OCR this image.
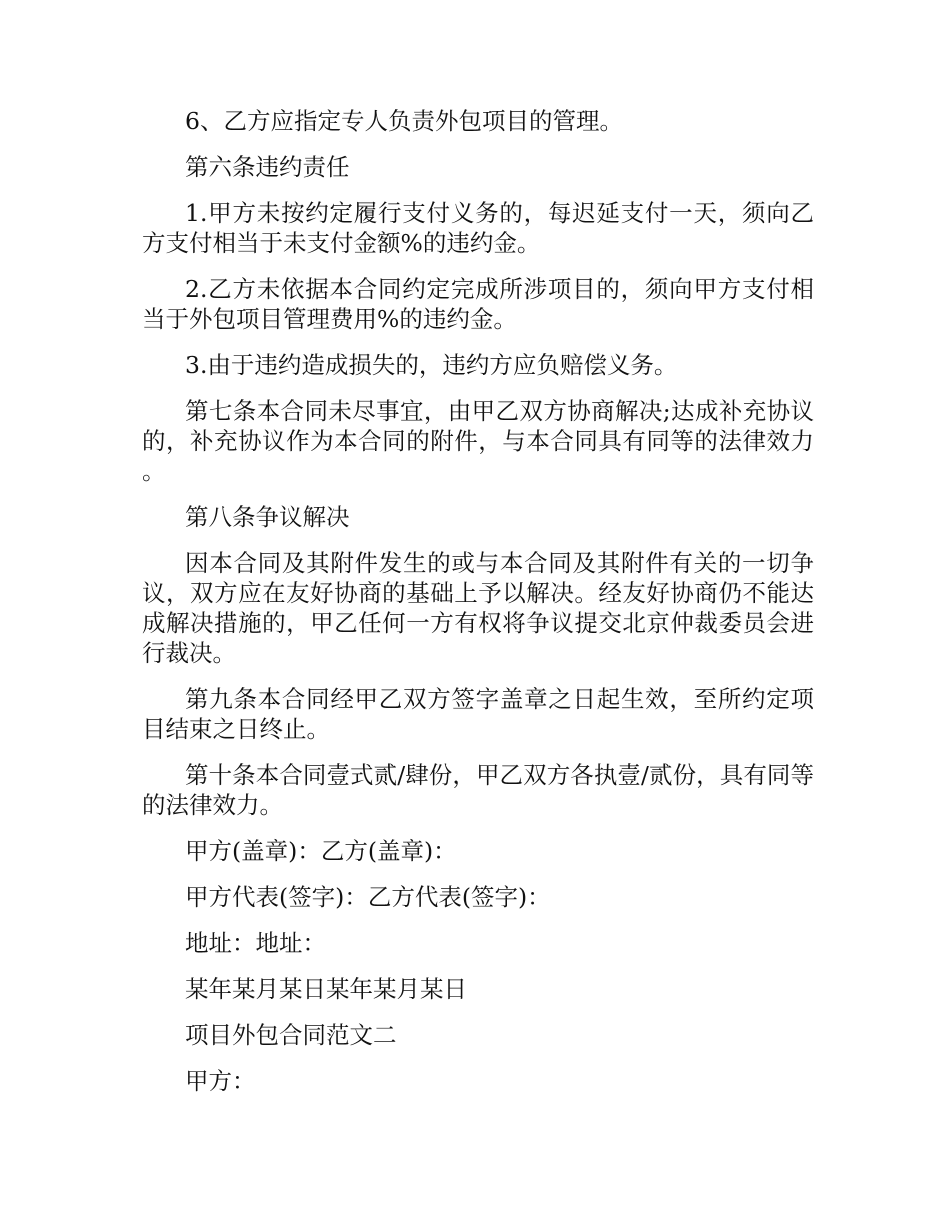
6、乙方应指定专人负责外包项目的管理。

第六条违约责任

1.甲方未按约定履行支付义务的，每迟延支付一天，须向乙方支付相当于未支付金额%的违约金。

2.乙方未依据本合同约定完成所涉项目的，须向甲方支付相当于外包项目管理费用%的违约金。

3.由于违约造成损失的，违约方应负赔偿义务。

第七条本合同未尽事宜，由甲乙双方协商解决;达成补充协议的，补充协议作为本合同的附件，与本合同具有同等的法律效力。

第八条争议解决

因本合同及其附件发生的或与本合同及其附件有关的一切争议，双方应在友好协商的基础上予以解决。经友好协商仍不能达成解决措施的，甲乙任何一方有权将争议提交北京仲裁委员会进行裁决。

第九条本合同经甲乙双方签字盖章之日起生效，至所约定项目结束之日终止。

第十条本合同壹式贰/肆份，甲乙双方各执壹/贰份，具有同等的法律效力。

甲方(盖章)：乙方(盖章)：

甲方代表(签字)：乙方代表(签字)：

地址：地址：

某年某月某日某年某月某日

项目外包合同范文二

甲方：
